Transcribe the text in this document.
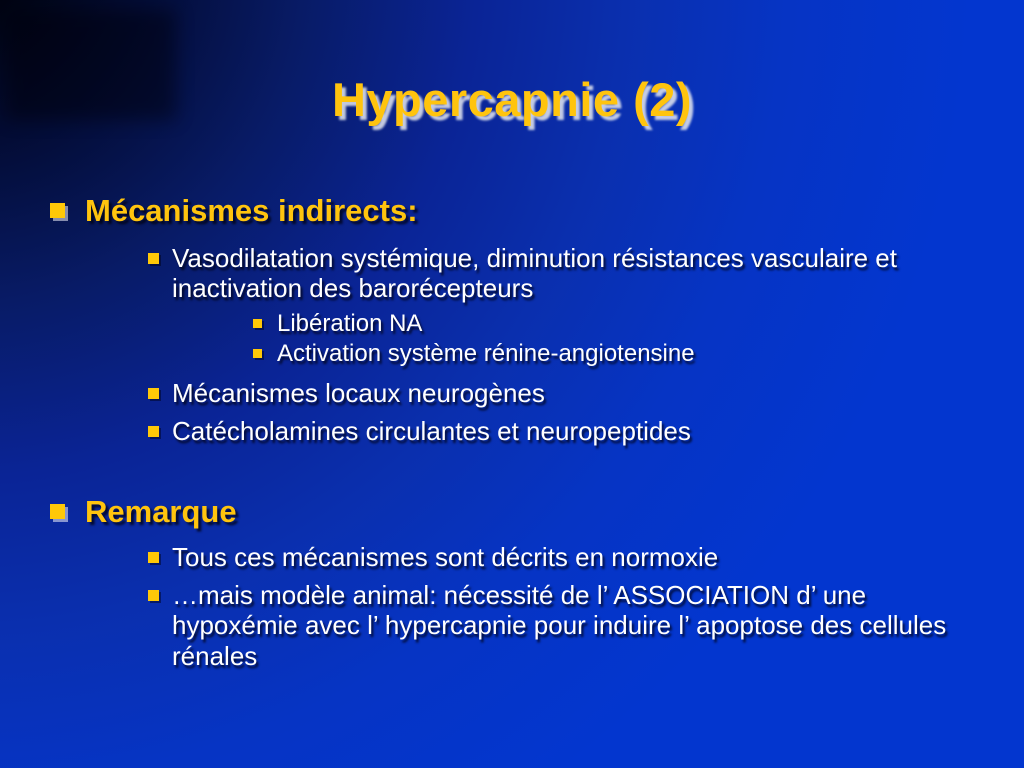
Hypercapnie (2)
Mécanismes indirects:
Vasodilatation systémique, diminution résistances vasculaire et inactivation des barorécepteurs
Libération NA
Activation système rénine-angiotensine
Mécanismes locaux neurogènes
Catécholamines circulantes et neuropeptides
Remarque
Tous ces mécanismes sont décrits en normoxie
…mais modèle animal: nécessité de l’ ASSOCIATION d’ une hypoxémie avec l’ hypercapnie pour induire l’ apoptose des cellules rénales
